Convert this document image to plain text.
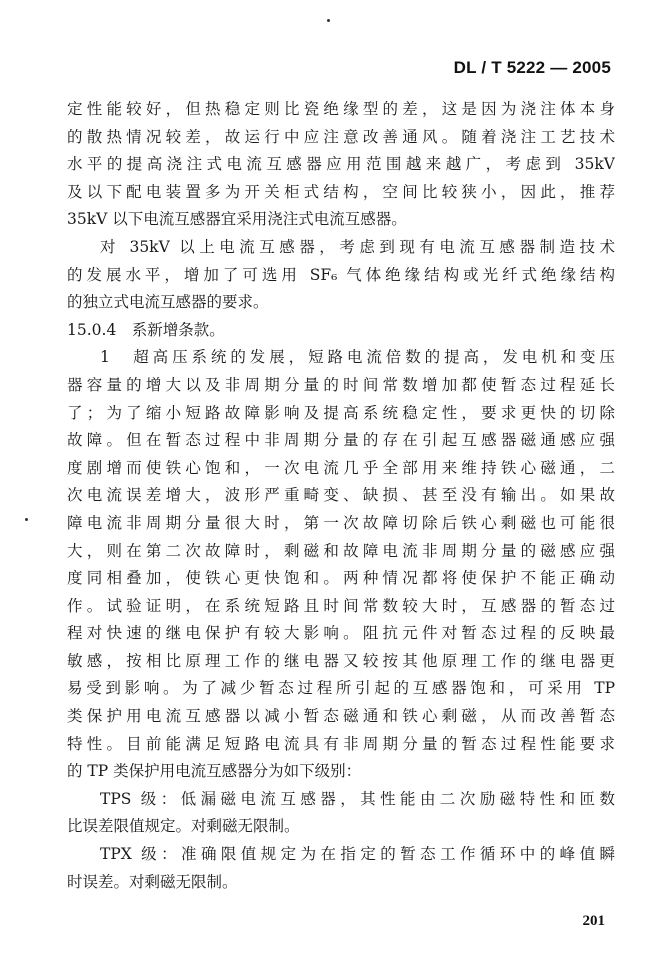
DL / T 5222 — 2005
定性能较好，但热稳定则比瓷绝缘型的差，这是因为浇注体本身
的散热情况较差，故运行中应注意改善通风。随着浇注工艺技术
水平的提高浇注式电流互感器应用范围越来越广，考虑到 35kV
及以下配电装置多为开关柜式结构，空间比较狭小，因此，推荐
35kV 以下电流互感器宜采用浇注式电流互感器。
对 35kV 以上电流互感器，考虑到现有电流互感器制造技术
的发展水平，增加了可选用 SF₆ 气体绝缘结构或光纤式绝缘结构
的独立式电流互感器的要求。
15.0.4　系新增条款。
1　超高压系统的发展，短路电流倍数的提高，发电机和变压
器容量的增大以及非周期分量的时间常数增加都使暂态过程延长
了；为了缩小短路故障影响及提高系统稳定性，要求更快的切除
故障。但在暂态过程中非周期分量的存在引起互感器磁通感应强
度剧增而使铁心饱和，一次电流几乎全部用来维持铁心磁通，二
次电流误差增大，波形严重畸变、缺损、甚至没有输出。如果故
障电流非周期分量很大时，第一次故障切除后铁心剩磁也可能很
大，则在第二次故障时，剩磁和故障电流非周期分量的磁感应强
度同相叠加，使铁心更快饱和。两种情况都将使保护不能正确动
作。试验证明，在系统短路且时间常数较大时，互感器的暂态过
程对快速的继电保护有较大影响。阻抗元件对暂态过程的反映最
敏感，按相比原理工作的继电器又较按其他原理工作的继电器更
易受到影响。为了减少暂态过程所引起的互感器饱和，可采用 TP
类保护用电流互感器以减小暂态磁通和铁心剩磁，从而改善暂态
特性。目前能满足短路电流具有非周期分量的暂态过程性能要求
的 TP 类保护用电流互感器分为如下级别：
TPS 级：低漏磁电流互感器，其性能由二次励磁特性和匝数
比误差限值规定。对剩磁无限制。
TPX 级：准确限值规定为在指定的暂态工作循环中的峰值瞬
时误差。对剩磁无限制。
201
